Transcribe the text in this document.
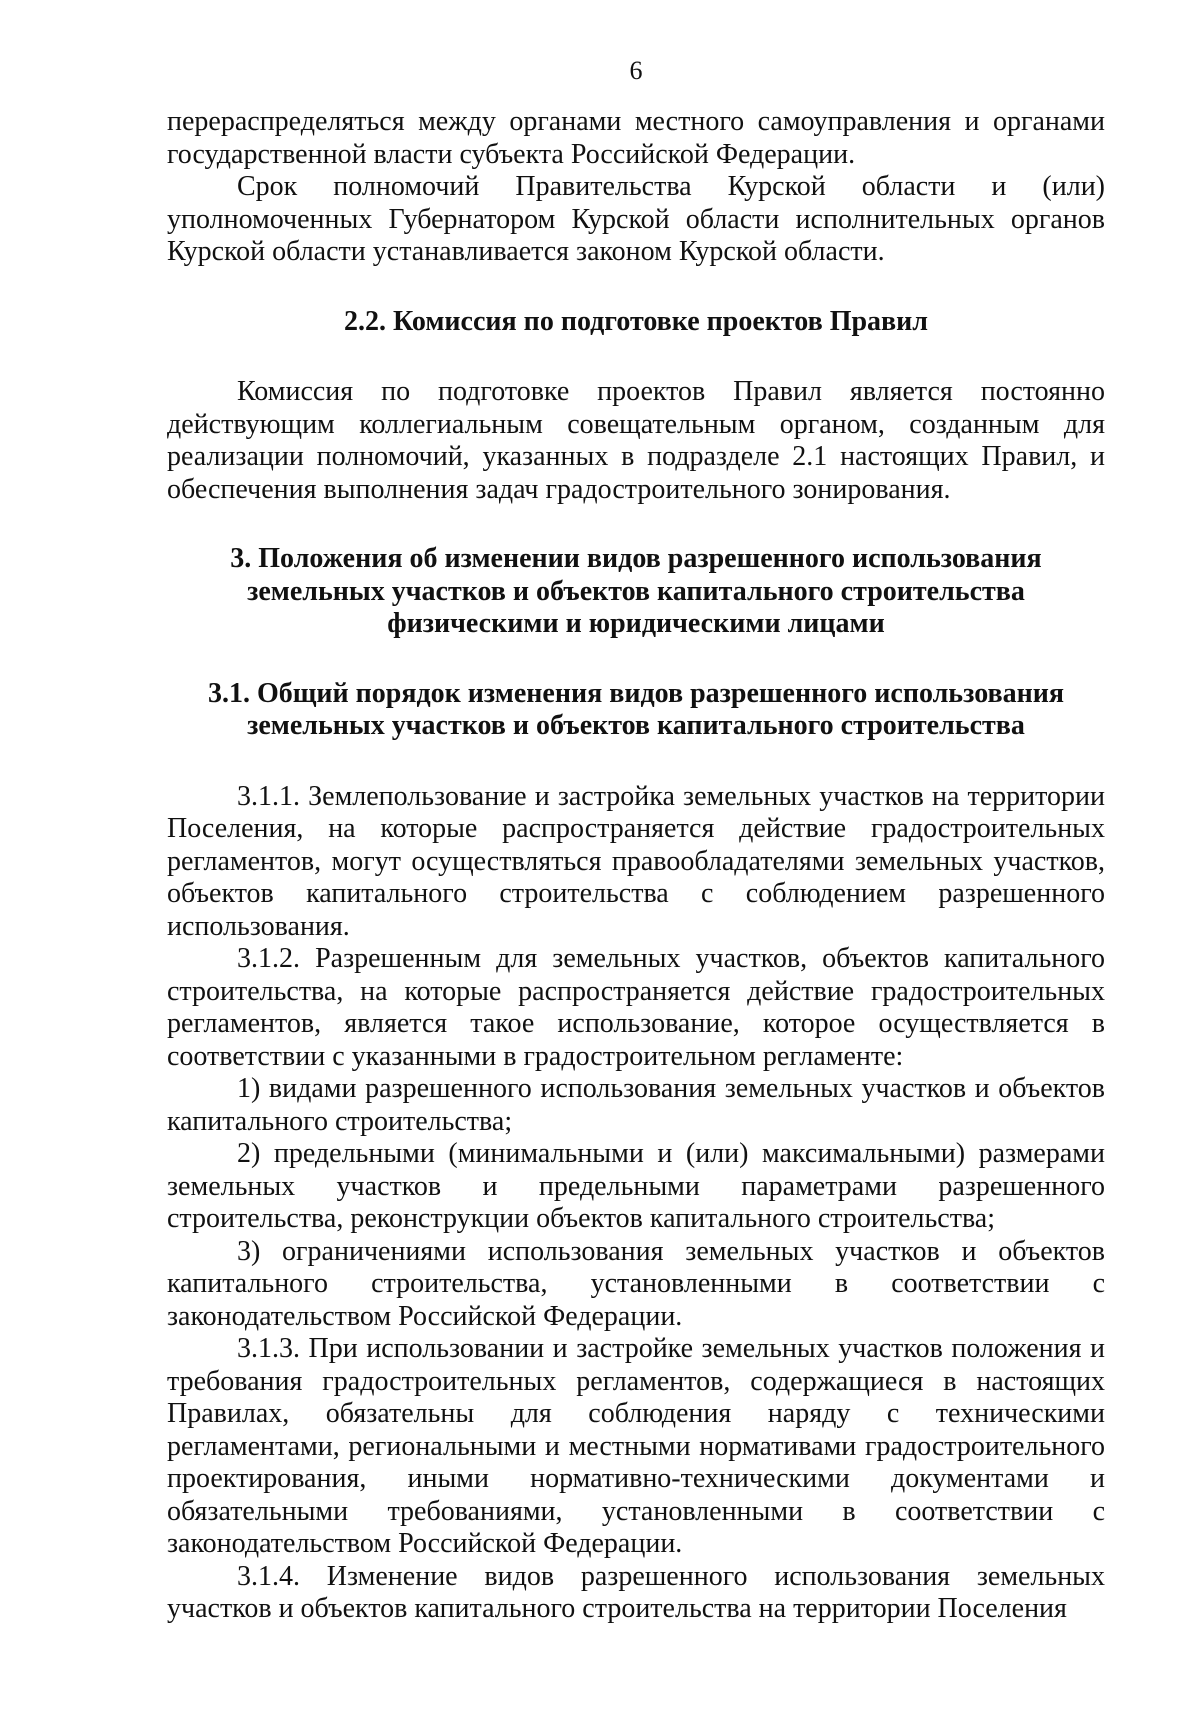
6

перераспределяться между органами местного самоуправления и органами государственной власти субъекта Российской Федерации.

Срок полномочий Правительства Курской области и (или) уполномоченных Губернатором Курской области исполнительных органов Курской области устанавливается законом Курской области.

2.2. Комиссия по подготовке проектов Правил

Комиссия по подготовке проектов Правил является постоянно действующим коллегиальным совещательным органом, созданным для реализации полномочий, указанных в подразделе 2.1 настоящих Правил, и обеспечения выполнения задач градостроительного зонирования.

3. Положения об изменении видов разрешенного использования
земельных участков и объектов капитального строительства
физическими и юридическими лицами
3.1. Общий порядок изменения видов разрешенного использования
земельных участков и объектов капитального строительства

3.1.1. Землепользование и застройка земельных участков на территории Поселения, на которые распространяется действие градостроительных регламентов, могут осуществляться правообладателями земельных участков, объектов капитального строительства с соблюдением разрешенного использования.

3.1.2. Разрешенным для земельных участков, объектов капитального строительства, на которые распространяется действие градостроительных регламентов, является такое использование, которое осуществляется в соответствии с указанными в градостроительном регламенте:

1) видами разрешенного использования земельных участков и объектов капитального строительства;

2) предельными (минимальными и (или) максимальными) размерами земельных участков и предельными параметрами разрешенного строительства, реконструкции объектов капитального строительства;

3) ограничениями использования земельных участков и объектов капитального строительства, установленными в соответствии с законодательством Российской Федерации.

3.1.3. При использовании и застройке земельных участков положения и требования градостроительных регламентов, содержащиеся в настоящих Правилах, обязательны для соблюдения наряду с техническими регламентами, региональными и местными нормативами градостроительного проектирования, иными нормативно-техническими документами и обязательными требованиями, установленными в соответствии с законодательством Российской Федерации.

3.1.4. Изменение видов разрешенного использования земельных участков и объектов капитального строительства на территории Поселения
